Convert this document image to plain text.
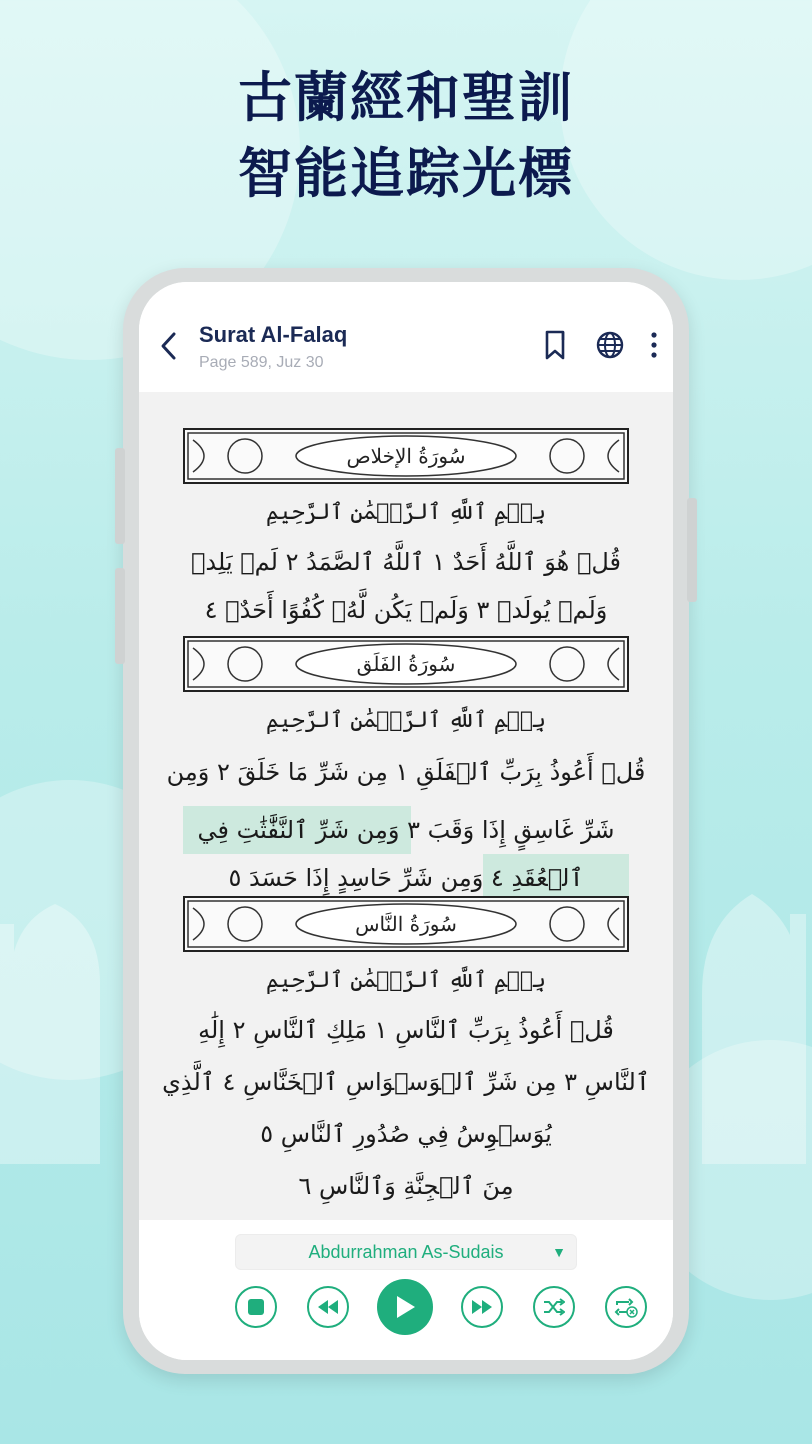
古蘭經和聖訓
智能追踪光標
Surat Al-Falaq
Page 589, Juz 30
سُورَةُ الإخلاص
بِسۡمِ ٱللَّهِ ٱلرَّحۡمَٰنِ ٱلرَّحِيمِ
قُلۡ هُوَ ٱللَّهُ أَحَدٌ ١ ٱللَّهُ ٱلصَّمَدُ ٢ لَمۡ يَلِدۡ
وَلَمۡ يُولَدۡ ٣ وَلَمۡ يَكُن لَّهُۥ كُفُوًا أَحَدٌۢ ٤
سُورَةُ الفَلَق
بِسۡمِ ٱللَّهِ ٱلرَّحۡمَٰنِ ٱلرَّحِيمِ
قُلۡ أَعُوذُ بِرَبِّ ٱلۡفَلَقِ ١ مِن شَرِّ مَا خَلَقَ ٢ وَمِن
شَرِّ غَاسِقٍ إِذَا وَقَبَ ٣ وَمِن شَرِّ ٱلنَّفَّٰثَٰتِ فِي
ٱلۡعُقَدِ ٤ وَمِن شَرِّ حَاسِدٍ إِذَا حَسَدَ ٥
سُورَةُ النَّاس
بِسۡمِ ٱللَّهِ ٱلرَّحۡمَٰنِ ٱلرَّحِيمِ
قُلۡ أَعُوذُ بِرَبِّ ٱلنَّاسِ ١ مَلِكِ ٱلنَّاسِ ٢ إِلَٰهِ
ٱلنَّاسِ ٣ مِن شَرِّ ٱلۡوَسۡوَاسِ ٱلۡخَنَّاسِ ٤ ٱلَّذِي
يُوَسۡوِسُ فِي صُدُورِ ٱلنَّاسِ ٥
مِنَ ٱلۡجِنَّةِ وَٱلنَّاسِ ٦
Abdurrahman As-Sudais	▼
